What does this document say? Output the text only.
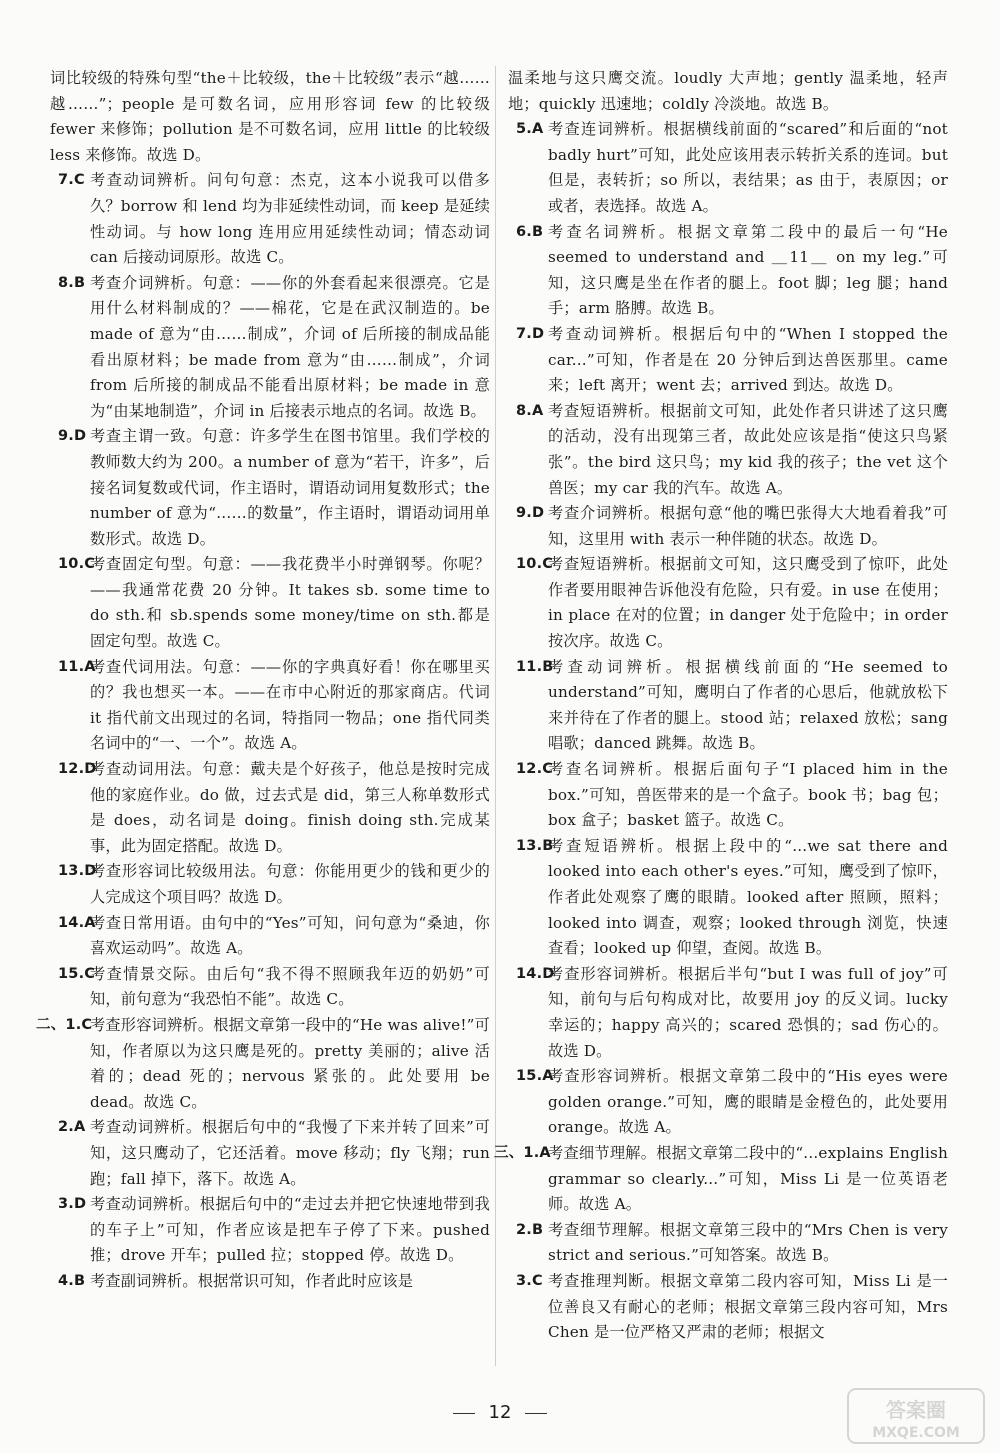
词比较级的特殊句型“the＋比较级，the＋比较级”表示“越……越……”；people 是可数名词，应用形容词 few 的比较级 fewer 来修饰；pollution 是不可数名词，应用 little 的比较级 less 来修饰。故选 D。
7.C 考查动词辨析。问句句意：杰克，这本小说我可以借多久？borrow 和 lend 均为非延续性动词，而 keep 是延续性动词。与 how long 连用应用延续性动词；情态动词 can 后接动词原形。故选 C。
8.B 考查介词辨析。句意：——你的外套看起来很漂亮。它是用什么材料制成的？——棉花，它是在武汉制造的。be made of 意为“由……制成”，介词 of 后所接的制成品能看出原材料；be made from 意为“由……制成”，介词 from 后所接的制成品不能看出原材料；be made in 意为“由某地制造”，介词 in 后接表示地点的名词。故选 B。
9.D 考查主谓一致。句意：许多学生在图书馆里。我们学校的教师数大约为 200。a number of 意为“若干，许多”，后接名词复数或代词，作主语时，谓语动词用复数形式；the number of 意为“……的数量”，作主语时，谓语动词用单数形式。故选 D。
10.C
考查固定句型。句意：——我花费半小时弹钢琴。你呢？——我通常花费 20 分钟。It takes sb. some time to do sth.和 sb.spends some money/time on sth.都是固定句型。故选 C。
11.A
考查代词用法。句意：——你的字典真好看！你在哪里买的？我也想买一本。——在市中心附近的那家商店。代词 it 指代前文出现过的名词，特指同一物品；one 指代同类名词中的“一、一个”。故选 A。
12.D
考查动词用法。句意：戴夫是个好孩子，他总是按时完成他的家庭作业。do 做，过去式是 did，第三人称单数形式是 does，动名词是 doing。finish doing sth.完成某事，此为固定搭配。故选 D。
13.D
考查形容词比较级用法。句意：你能用更少的钱和更少的人完成这个项目吗？故选 D。
14.A
考查日常用语。由句中的“Yes”可知，问句意为“桑迪，你喜欢运动吗”。故选 A。
15.C
考查情景交际。由后句“我不得不照顾我年迈的奶奶”可知，前句意为“我恐怕不能”。故选 C。
二、1.C
考查形容词辨析。根据文章第一段中的“He was alive!”可知，作者原以为这只鹰是死的。pretty 美丽的；alive 活着的；dead 死的；nervous 紧张的。此处要用 be dead。故选 C。
2.A 考查动词辨析。根据后句中的“我慢了下来并转了回来”可知，这只鹰动了，它还活着。move 移动；fly 飞翔；run 跑；fall 掉下，落下。故选 A。
3.D 考查动词辨析。根据后句中的“走过去并把它快速地带到我的车子上”可知，作者应该是把车子停了下来。pushed 推；drove 开车；pulled 拉；stopped 停。故选 D。
4.B 考查副词辨析。根据常识可知，作者此时应该是
温柔地与这只鹰交流。loudly 大声地；gently 温柔地，轻声地；quickly 迅速地；coldly 冷淡地。故选 B。
5.A 考查连词辨析。根据横线前面的“scared”和后面的“not badly hurt”可知，此处应该用表示转折关系的连词。but 但是，表转折；so 所以，表结果；as 由于，表原因；or 或者，表选择。故选 A。
6.B 考查名词辨析。根据文章第二段中的最后一句“He seemed to understand and ＿11＿ on my leg.”可知，这只鹰是坐在作者的腿上。foot 脚；leg 腿；hand 手；arm 胳膊。故选 B。
7.D 考查动词辨析。根据后句中的“When I stopped the car...”可知，作者是在 20 分钟后到达兽医那里。came 来；left 离开；went 去；arrived 到达。故选 D。
8.A 考查短语辨析。根据前文可知，此处作者只讲述了这只鹰的活动，没有出现第三者，故此处应该是指“使这只鸟紧张”。the bird 这只鸟；my kid 我的孩子；the vet 这个兽医；my car 我的汽车。故选 A。
9.D 考查介词辨析。根据句意“他的嘴巴张得大大地看着我”可知，这里用 with 表示一种伴随的状态。故选 D。
10.C
考查短语辨析。根据前文可知，这只鹰受到了惊吓，此处作者要用眼神告诉他没有危险，只有爱。in use 在使用；in place 在对的位置；in danger 处于危险中；in order 按次序。故选 C。
11.B
考查动词辨析。根据横线前面的“He seemed to understand”可知，鹰明白了作者的心思后，他就放松下来并待在了作者的腿上。stood 站；relaxed 放松；sang 唱歌；danced 跳舞。故选 B。
12.C
考查名词辨析。根据后面句子“I placed him in the box.”可知，兽医带来的是一个盒子。book 书；bag 包；box 盒子；basket 篮子。故选 C。
13.B
考查短语辨析。根据上段中的“...we sat there and looked into each other's eyes.”可知，鹰受到了惊吓，作者此处观察了鹰的眼睛。looked after 照顾，照料；looked into 调查，观察；looked through 浏览，快速查看；looked up 仰望，查阅。故选 B。
14.D
考查形容词辨析。根据后半句“but I was full of joy”可知，前句与后句构成对比，故要用 joy 的反义词。lucky 幸运的；happy 高兴的；scared 恐惧的；sad 伤心的。故选 D。
15.A
考查形容词辨析。根据文章第二段中的“His eyes were golden orange.”可知，鹰的眼睛是金橙色的，此处要用 orange。故选 A。
三、1.A
考查细节理解。根据文章第二段中的“...explains English grammar so clearly...”可知，Miss Li 是一位英语老师。故选 A。
2.B 考查细节理解。根据文章第三段中的“Mrs Chen is very strict and serious.”可知答案。故选 B。
3.C 考查推理判断。根据文章第二段内容可知，Miss Li 是一位善良又有耐心的老师；根据文章第三段内容可知，Mrs Chen 是一位严格又严肃的老师；根据文
12	答案圈
MXQE.COM
